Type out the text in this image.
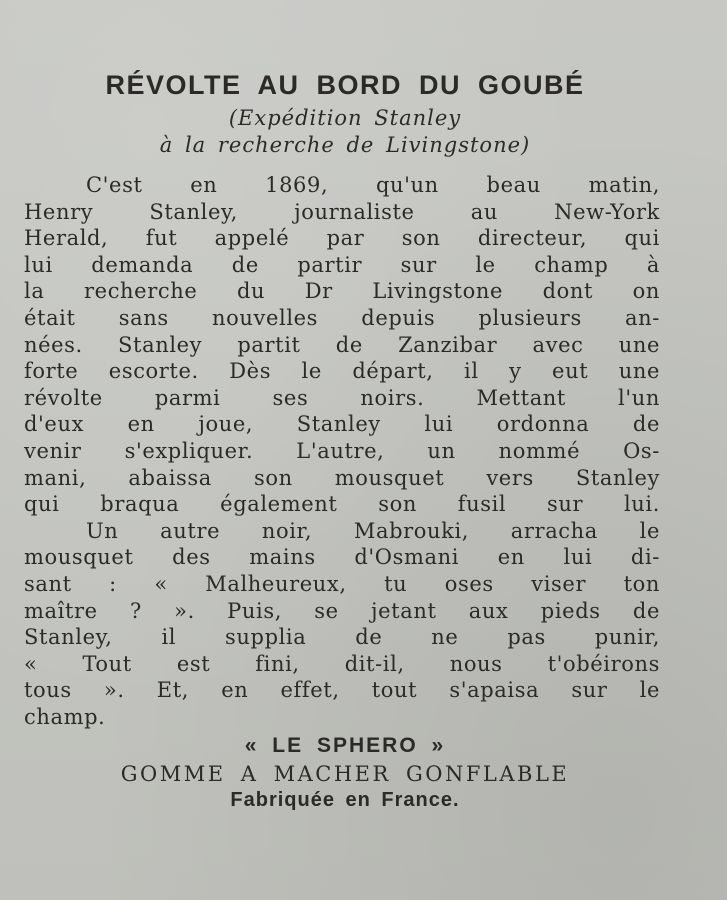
RÉVOLTE AU BORD DU GOUBÉ

(Expédition Stanley

à la recherche de Livingstone)

C'est en 1869, qu'un beau matin,
Henry Stanley, journaliste au New-York
Herald, fut appelé par son directeur, qui
lui demanda de partir sur le champ à
la recherche du Dr Livingstone dont on
était sans nouvelles depuis plusieurs an-
nées. Stanley partit de Zanzibar avec une
forte escorte. Dès le départ, il y eut une
révolte parmi ses noirs. Mettant l'un
d'eux en joue, Stanley lui ordonna de
venir s'expliquer. L'autre, un nommé Os-
mani, abaissa son mousquet vers Stanley
qui braqua également son fusil sur lui.
Un autre noir, Mabrouki, arracha le
mousquet des mains d'Osmani en lui di-
sant : « Malheureux, tu oses viser ton
maître ? ». Puis, se jetant aux pieds de
Stanley, il supplia de ne pas punir,
« Tout est fini, dit-il, nous t'obéirons
tous ». Et, en effet, tout s'apaisa sur le
champ.

« LE SPHERO »

GOMME A MACHER GONFLABLE

Fabriquée en France.
